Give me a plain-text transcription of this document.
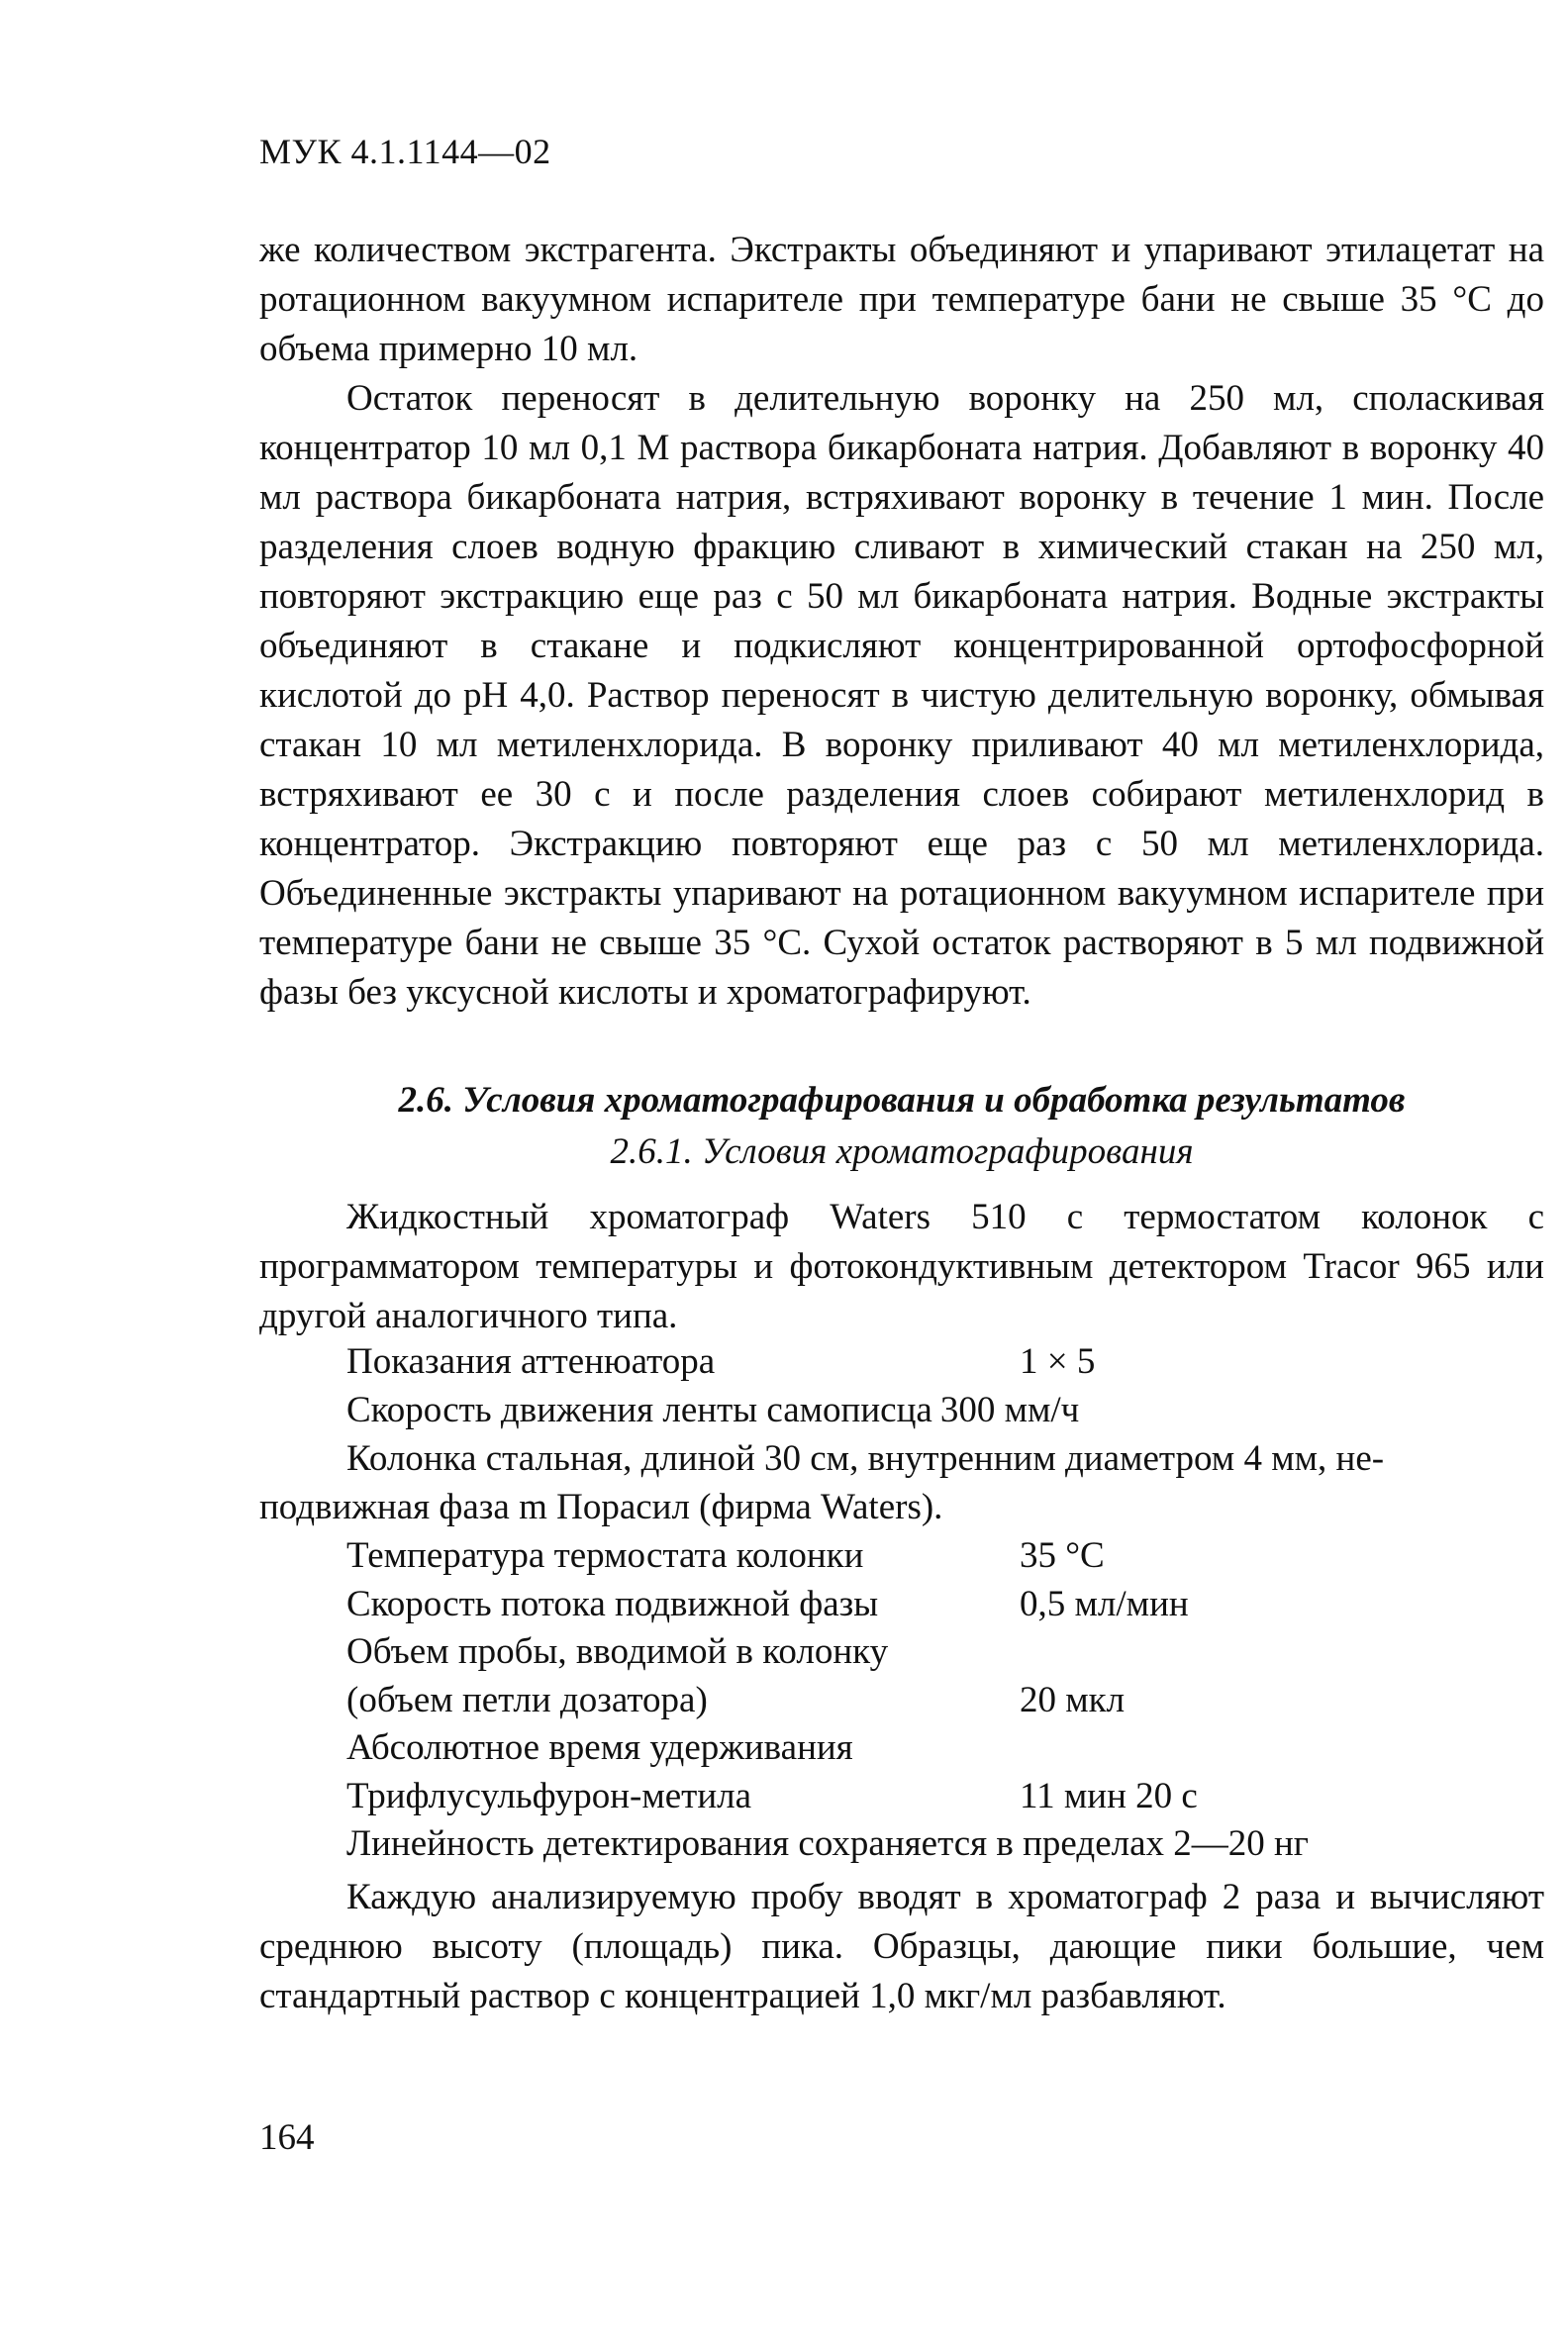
МУК 4.1.1144—02

же количеством экстрагента. Экстракты объединяют и упаривают этилацетат на ротационном вакуумном испарителе при температуре бани не свыше 35 °С до объема примерно 10 мл.

Остаток переносят в делительную воронку на 250 мл, споласкивая концентратор 10 мл 0,1 М раствора бикарбоната натрия. Добавляют в воронку 40 мл раствора бикарбоната натрия, встряхивают воронку в течение 1 мин. После разделения слоев водную фракцию сливают в химический стакан на 250 мл, повторяют экстракцию еще раз с 50 мл бикарбоната натрия. Водные экстракты объединяют в стакане и подкисляют концентрированной ортофосфорной кислотой до рН 4,0. Раствор переносят в чистую делительную воронку, обмывая стакан 10 мл метиленхлорида. В воронку приливают 40 мл метиленхлорида, встряхивают ее 30 с и после разделения слоев собирают метиленхлорид в концентратор. Экстракцию повторяют еще раз с 50 мл метиленхлорида. Объединенные экстракты упаривают на ротационном вакуумном испарителе при температуре бани не свыше 35 °С. Сухой остаток растворяют в 5 мл подвижной фазы без уксусной кислоты и хроматографируют.

2.6. Условия хроматографирования и обработка результатов
2.6.1. Условия хроматографирования

Жидкостный хроматограф Waters 510 с термостатом колонок с программатором температуры и фотокондуктивным детектором Tracor 965 или другой аналогичного типа.

Показания аттенюатора	1 × 5
Скорость движения ленты самописца 300 мм/ч
Колонка стальная, длиной 30 см, внутренним диаметром 4 мм, не-
подвижная фаза m Порасил (фирма Waters).
Температура термостата колонки	35 °С
Скорость потока подвижной фазы	0,5 мл/мин
Объем пробы, вводимой в колонку
(объем петли дозатора)	20 мкл
Абсолютное время удерживания
Трифлусульфурон-метила	11 мин 20 с
Линейность детектирования сохраняется в пределах 2—20 нг

Каждую анализируемую пробу вводят в хроматограф 2 раза и вычисляют среднюю высоту (площадь) пика. Образцы, дающие пики большие, чем стандартный раствор с концентрацией 1,0 мкг/мл разбавляют.

164
